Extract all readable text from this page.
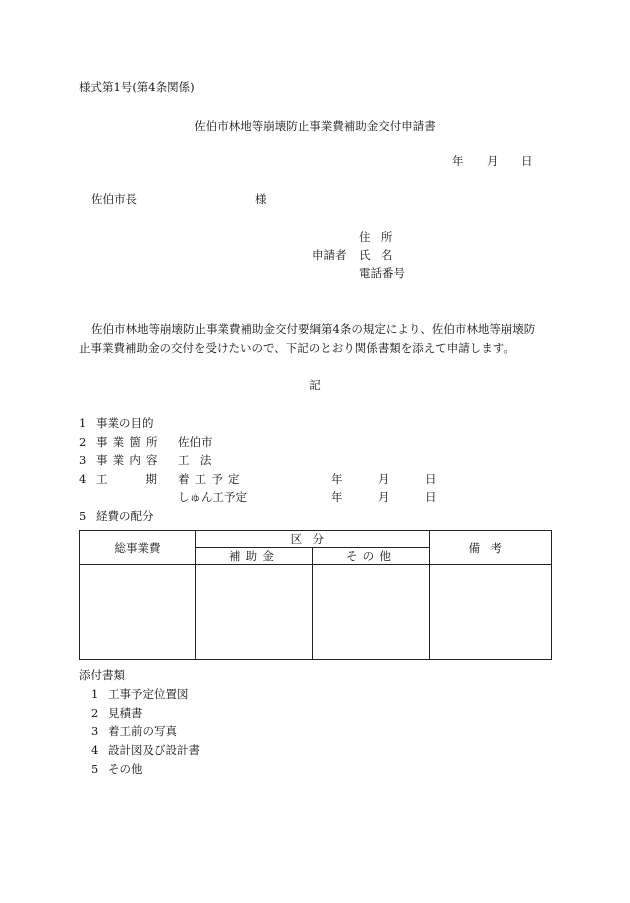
様式第1号(第4条関係)
佐伯市林地等崩壊防止事業費補助金交付申請書
年 月 日
佐伯市長	様
住所
申請者 氏名
電話番号
佐伯市林地等崩壊防止事業費補助金交付要綱第4条の規定により、佐伯市林地等崩壊防
止事業費補助金の交付を受けたいので、下記のとおり関係書類を添えて申請します。
記
1 事業の目的
2 事業箇所 佐伯市
3 事業内容 工法
4 工期
着工予定	年	月	日
しゅん工予定	年	月	日
5 経費の配分
総事業費	区分		備考
	補助金	その他	

添付書類
1 工事予定位置図
2 見積書
3 着工前の写真
4 設計図及び設計書
5 その他
